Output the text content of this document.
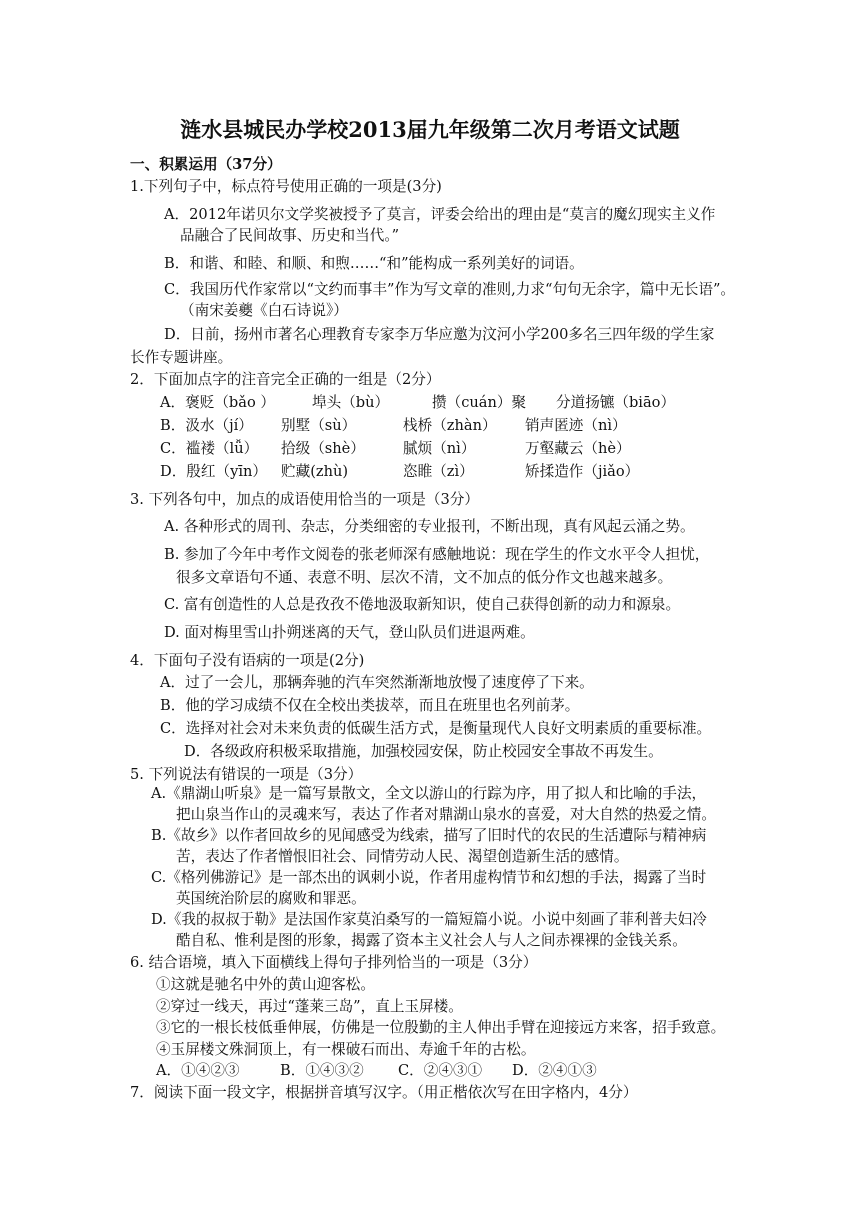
涟水县城民办学校2013届九年级第二次月考语文试题
一、积累运用（37分）
1.下列句子中，标点符号使用正确的一项是(3分)
A．2012年诺贝尔文学奖被授予了莫言，评委会给出的理由是“莫言的魔幻现实主义作
品融合了民间故事、历史和当代。”
B．和谐、和睦、和顺、和煦……“和”能构成一系列美好的词语。
C．我国历代作家常以“文约而事丰”作为写文章的准则,力求“句句无余字，篇中无长语”。
（南宋姜夔《白石诗说》）
D．日前，扬州市著名心理教育专家李万华应邀为汶河小学200多名三四年级的学生家
长作专题讲座。
2．下面加点字的注音完全正确的一组是（2分）
A．褒贬（bǎo ）	埠头（bù）	攒（cuán）聚 分道扬镳（biāo）
B．汲水（jí） 别墅（sù）	栈桥（zhàn） 销声匿迹（nì）
C．褴褛（lǚ） 拾级（shè）	腻烦（nì）	万壑藏云（hè）
D．殷红（yīn） 贮藏(zhù)	恣睢（zì）	矫揉造作（jiǎo）
3. 下列各句中，加点的成语使用恰当的一项是（3分）
A. 各种形式的周刊、杂志，分类细密的专业报刊，不断出现，真有风起云涌之势。
B. 参加了今年中考作文阅卷的张老师深有感触地说：现在学生的作文水平令人担忧，
很多文章语句不通、表意不明、层次不清，文不加点的低分作文也越来越多。
C. 富有创造性的人总是孜孜不倦地汲取新知识，使自己获得创新的动力和源泉。
D. 面对梅里雪山扑朔迷离的天气，登山队员们进退两难。
4．下面句子没有语病的一项是(2分)
A．过了一会儿，那辆奔驰的汽车突然渐渐地放慢了速度停了下来。
B．他的学习成绩不仅在全校出类拔萃，而且在班里也名列前茅。
C．选择对社会对未来负责的低碳生活方式，是衡量现代人良好文明素质的重要标准。
D．各级政府积极采取措施，加强校园安保，防止校园安全事故不再发生。
5. 下列说法有错误的一项是（3分）
A.《鼎湖山听泉》是一篇写景散文，全文以游山的行踪为序，用了拟人和比喻的手法，
把山泉当作山的灵魂来写，表达了作者对鼎湖山泉水的喜爱，对大自然的热爱之情。
B.《故乡》以作者回故乡的见闻感受为线索，描写了旧时代的农民的生活遭际与精神病
苦，表达了作者憎恨旧社会、同情劳动人民、渴望创造新生活的感情。
C.《格列佛游记》是一部杰出的讽刺小说，作者用虚构情节和幻想的手法，揭露了当时
英国统治阶层的腐败和罪恶。
D.《我的叔叔于勒》是法国作家莫泊桑写的一篇短篇小说。小说中刻画了菲利普夫妇冷
酷自私、惟利是图的形象，揭露了资本主义社会人与人之间赤裸裸的金钱关系。
6. 结合语境，填入下面横线上得句子排列恰当的一项是（3分）
①这就是驰名中外的黄山迎客松。
②穿过一线天，再过“蓬莱三岛”，直上玉屏楼。
③它的一根长枝低垂伸展，仿佛是一位殷勤的主人伸出手臂在迎接远方来客，招手致意。
④玉屏楼文殊洞顶上，有一棵破石而出、寿逾千年的古松。
A．①④②③	B．①④③② C．②④③① D．②④①③
7．阅读下面一段文字，根据拼音填写汉字。（用正楷依次写在田字格内，4分）
